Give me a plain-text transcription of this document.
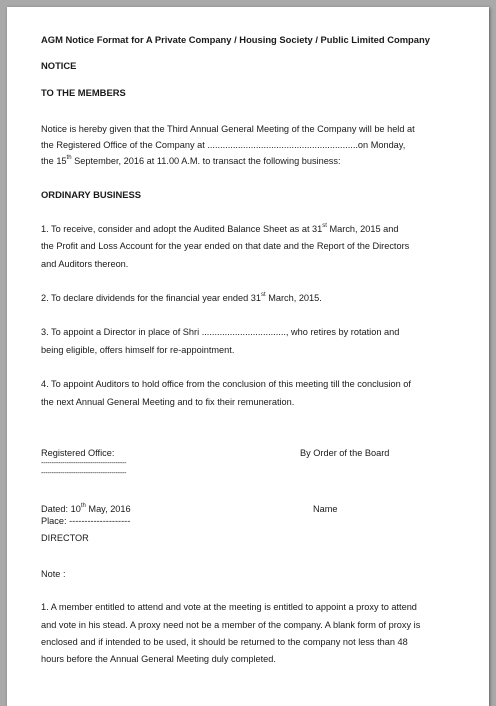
AGM Notice Format for A Private Company / Housing Society / Public Limited Company
NOTICE
TO THE MEMBERS
Notice is hereby given that the Third Annual General Meeting of the Company will be held at
the Registered Office of the Company at ...........................................................on Monday,
the 15th September, 2016 at 11.00 A.M. to transact the following business:
ORDINARY BUSINESS
1. To receive, consider and adopt the Audited Balance Sheet as at 31st March, 2015 and
the Profit and Loss Account for the year ended on that date and the Report of the Directors
and Auditors thereon.
2. To declare dividends for the financial year ended 31st March, 2015.
3. To appoint a Director in place of Shri ................................., who retires by rotation and
being eligible, offers himself for re-appointment.
4. To appoint Auditors to hold office from the conclusion of this meeting till the conclusion of
the next Annual General Meeting and to fix their remuneration.
Registered Office:	By Order of the Board
----------------------------------------
----------------------------------------
Dated: 10th May, 2016	Name
Place: --------------------
DIRECTOR
Note :
1. A member entitled to attend and vote at the meeting is entitled to appoint a proxy to attend
and vote in his stead. A proxy need not be a member of the company. A blank form of proxy is
enclosed and if intended to be used, it should be returned to the company not less than 48
hours before the Annual General Meeting duly completed.
